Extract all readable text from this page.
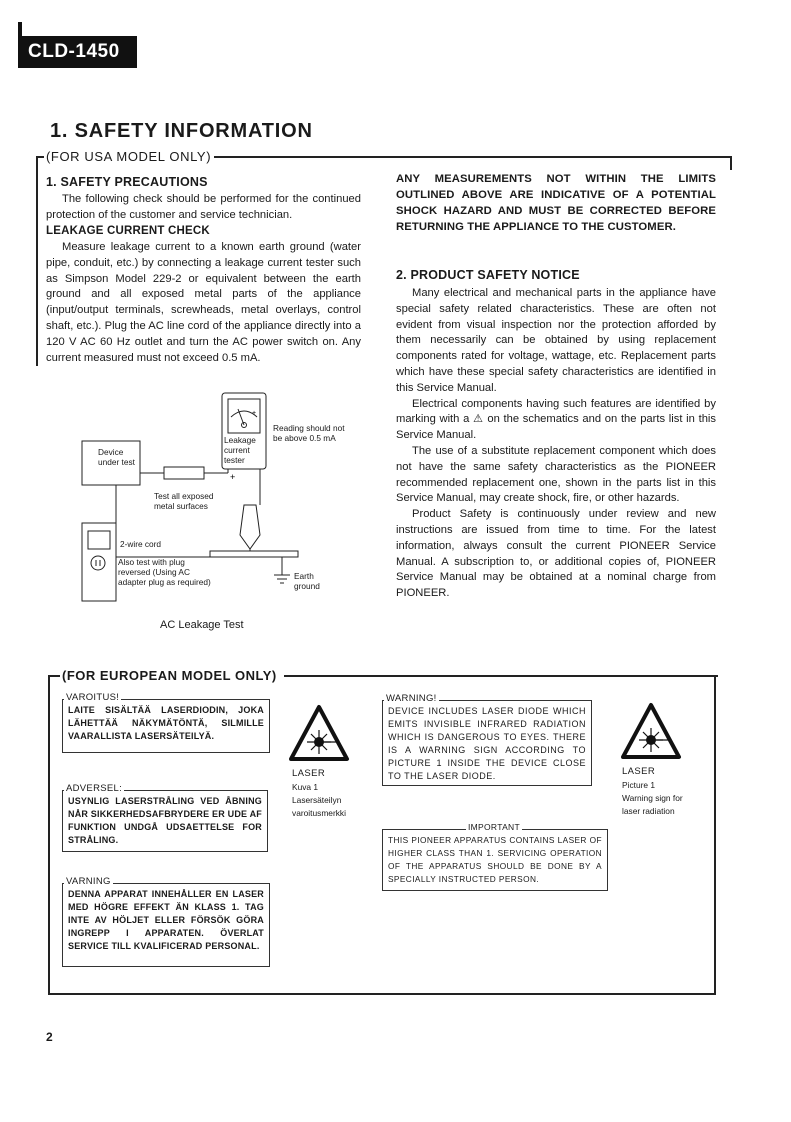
CLD-1450
1. SAFETY INFORMATION
(FOR USA MODEL ONLY)
1. SAFETY PRECAUTIONS

The following check should be performed for the continued protection of the customer and service technician.

LEAKAGE CURRENT CHECK

Measure leakage current to a known earth ground (water pipe, conduit, etc.) by connecting a leakage current tester such as Simpson Model 229-2 or equivalent between the earth ground and all exposed metal parts of the appliance (input/output terminals, screwheads, metal overlays, control shaft, etc.). Plug the AC line cord of the appliance directly into a 120 V AC 60 Hz outlet and turn the AC power switch on. Any current measured must not exceed 0.5 mA.

+
+
Device under test
Leakage current tester
Reading should not be above 0.5 mA
Test all exposed metal surfaces
2-wire cord
Also test with plug reversed (Using AC adapter plug as required)
Earth ground
AC Leakage Test
ANY MEASUREMENTS NOT WITHIN THE LIMITS OUTLINED ABOVE ARE INDICATIVE OF A POTENTIAL SHOCK HAZARD AND MUST BE CORRECTED BEFORE RETURNING THE APPLIANCE TO THE CUSTOMER.
2. PRODUCT SAFETY NOTICE

Many electrical and mechanical parts in the appliance have special safety related characteristics. These are often not evident from visual inspection nor the protection afforded by them necessarily can be obtained by using replacement components rated for voltage, wattage, etc. Replacement parts which have these special safety characteristics are identified in this Service Manual.

Electrical components having such features are identified by marking with a ⚠ on the schematics and on the parts list in this Service Manual.

The use of a substitute replacement component which does not have the same safety characteristics as the PIONEER recommended replacement one, shown in the parts list in this Service Manual, may create shock, fire, or other hazards.

Product Safety is continuously under review and new instructions are issued from time to time. For the latest information, always consult the current PIONEER Service Manual. A subscription to, or additional copies of, PIONEER Service Manual may be obtained at a nominal charge from PIONEER.

(FOR EUROPEAN MODEL ONLY)
LAITE SISÄLTÄÄ LASERDIODIN, JOKA LÄHETTÄÄ NÄKYMÄTÖNTÄ, SILMILLE VAARALLISTA LASERSÄTEILYÄ.
VAROITUS!
USYNLIG LASERSTRÅLING VED ÅBNING NÅR SIKKERHEDSAFBRYDERE ER UDE AF FUNKTION UNDGÅ UDSAETTELSE FOR STRÅLING.
ADVERSEL:
DENNA APPARAT INNEHÅLLER EN LASER MED HÖGRE EFFEKT ÄN KLASS 1. TAG INTE AV HÖLJET ELLER FÖRSÖK GÖRA INGREPP I APPARATEN. ÖVERLAT SERVICE TILL KVALIFICERAD PERSONAL.
VARNING
LASER
Kuva 1
Lasersäteilyn
varoitusmerkki
DEVICE INCLUDES LASER DIODE WHICH EMITS INVISIBLE INFRARED RADIATION WHICH IS DANGEROUS TO EYES. THERE IS A WARNING SIGN ACCORDING TO PICTURE 1 INSIDE THE DEVICE CLOSE TO THE LASER DIODE.
WARNING!
THIS PIONEER APPARATUS CONTAINS LASER OF HIGHER CLASS THAN 1. SERVICING OPERATION OF THE APPARATUS SHOULD BE DONE BY A SPECIALLY INSTRUCTED PERSON.
IMPORTANT
LASER
Picture 1
Warning sign for
laser radiation
2
